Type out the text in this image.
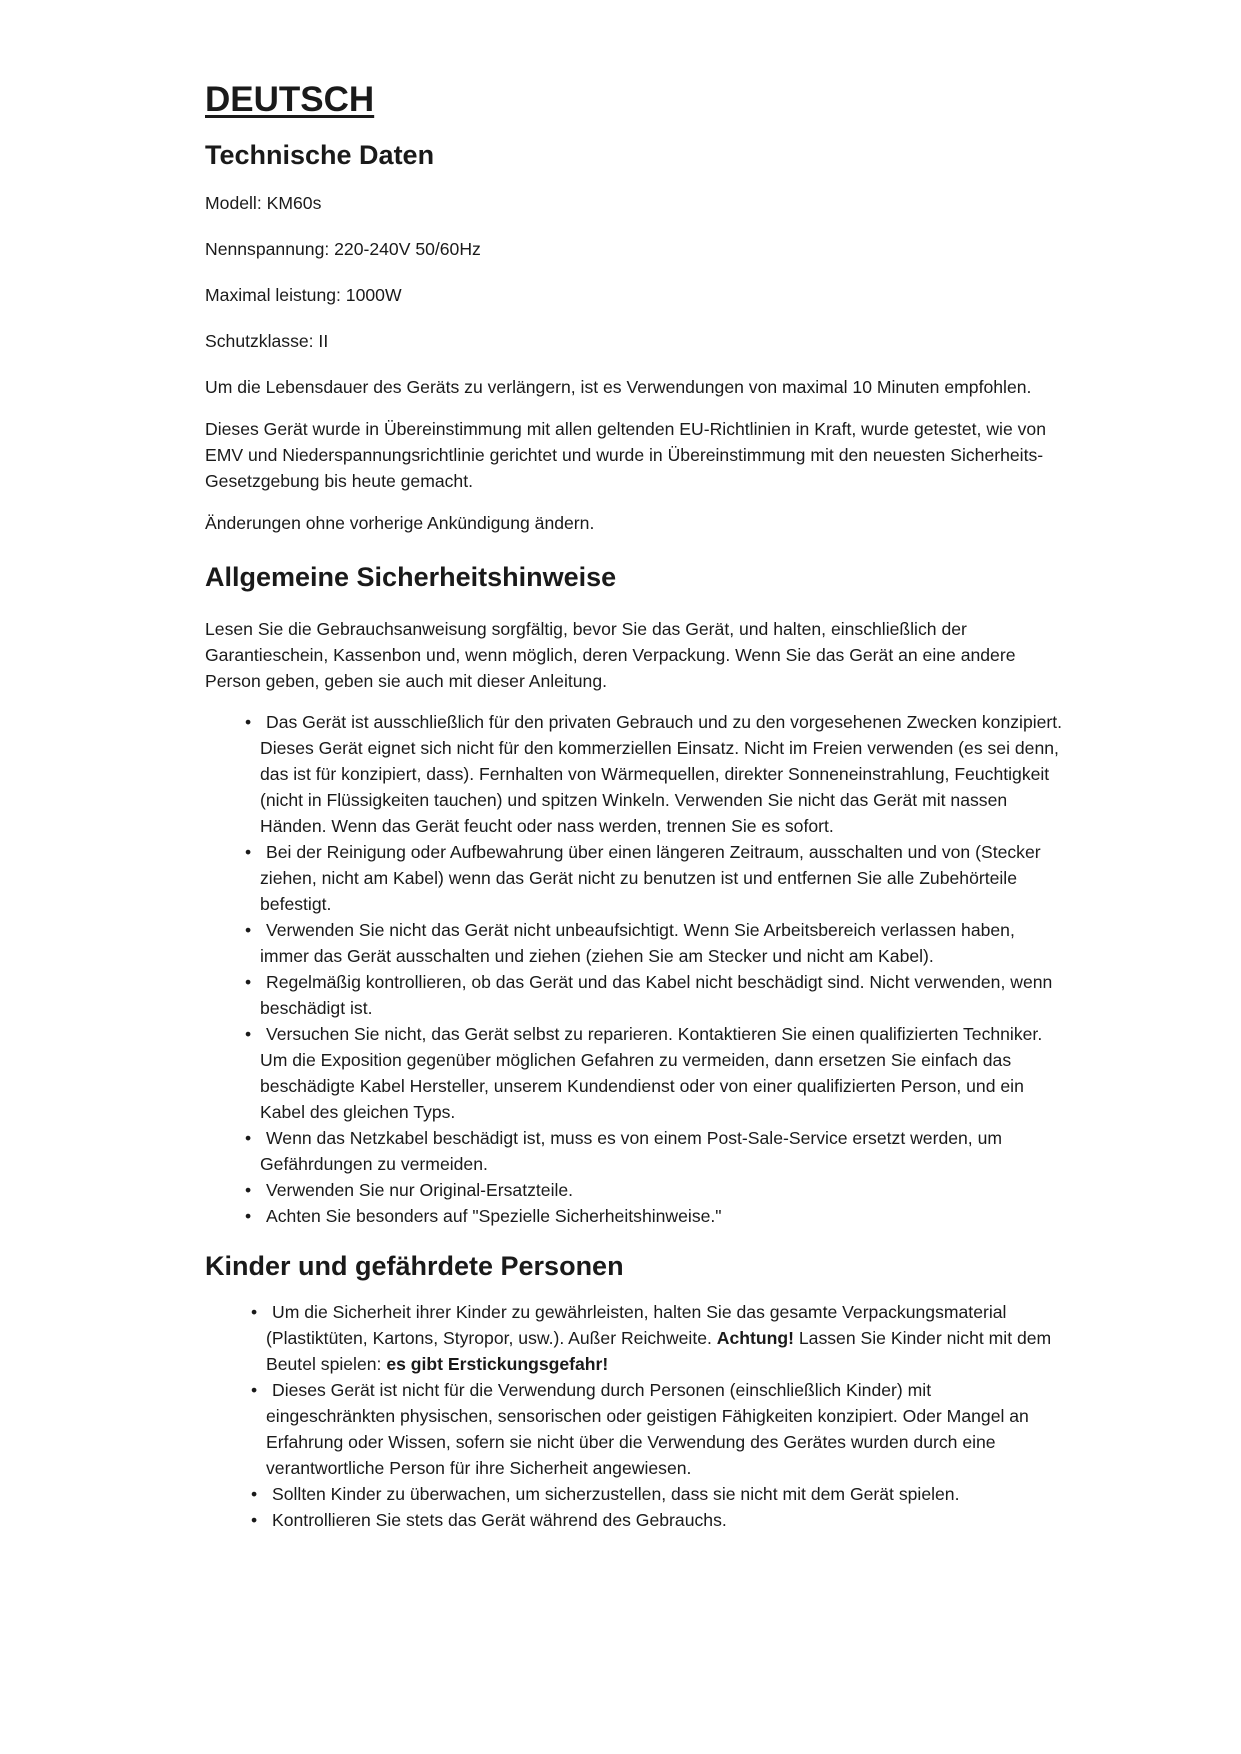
DEUTSCH
Technische Daten

Modell: KM60s

Nennspannung: 220-240V 50/60Hz

Maximal leistung: 1000W

Schutzklasse: II

Um die Lebensdauer des Geräts zu verlängern, ist es Verwendungen von maximal 10 Minuten empfohlen.

Dieses Gerät wurde in Übereinstimmung mit allen geltenden EU-Richtlinien in Kraft, wurde getestet, wie von EMV und Niederspannungsrichtlinie gerichtet und wurde in Übereinstimmung mit den neuesten Sicherheits-Gesetzgebung bis heute gemacht.

Änderungen ohne vorherige Ankündigung ändern.

Allgemeine Sicherheitshinweise

Lesen Sie die Gebrauchsanweisung sorgfältig, bevor Sie das Gerät, und halten, einschließlich der Garantieschein, Kassenbon und, wenn möglich, deren Verpackung. Wenn Sie das Gerät an eine andere Person geben, geben sie auch mit dieser Anleitung.

• Das Gerät ist ausschließlich für den privaten Gebrauch und zu den vorgesehenen Zwecken konzipiert. Dieses Gerät eignet sich nicht für den kommerziellen Einsatz. Nicht im Freien verwenden (es sei denn, das ist für konzipiert, dass). Fernhalten von Wärmequellen, direkter Sonneneinstrahlung, Feuchtigkeit (nicht in Flüssigkeiten tauchen) und spitzen Winkeln. Verwenden Sie nicht das Gerät mit nassen Händen. Wenn das Gerät feucht oder nass werden, trennen Sie es sofort.
• Bei der Reinigung oder Aufbewahrung über einen längeren Zeitraum, ausschalten und von (Stecker ziehen, nicht am Kabel) wenn das Gerät nicht zu benutzen ist und entfernen Sie alle Zubehörteile befestigt.
• Verwenden Sie nicht das Gerät nicht unbeaufsichtigt. Wenn Sie Arbeitsbereich verlassen haben, immer das Gerät ausschalten und ziehen (ziehen Sie am Stecker und nicht am Kabel).
• Regelmäßig kontrollieren, ob das Gerät und das Kabel nicht beschädigt sind. Nicht verwenden, wenn beschädigt ist.
• Versuchen Sie nicht, das Gerät selbst zu reparieren. Kontaktieren Sie einen qualifizierten Techniker. Um die Exposition gegenüber möglichen Gefahren zu vermeiden, dann ersetzen Sie einfach das beschädigte Kabel Hersteller, unserem Kundendienst oder von einer qualifizierten Person, und ein Kabel des gleichen Typs.
• Wenn das Netzkabel beschädigt ist, muss es von einem Post-Sale-Service ersetzt werden, um Gefährdungen zu vermeiden.
• Verwenden Sie nur Original-Ersatzteile.
• Achten Sie besonders auf "Spezielle Sicherheitshinweise."
Kinder und gefährdete Personen
• Um die Sicherheit ihrer Kinder zu gewährleisten, halten Sie das gesamte Verpackungsmaterial (Plastiktüten, Kartons, Styropor, usw.). Außer Reichweite. Achtung! Lassen Sie Kinder nicht mit dem Beutel spielen: es gibt Erstickungsgefahr!
• Dieses Gerät ist nicht für die Verwendung durch Personen (einschließlich Kinder) mit eingeschränkten physischen, sensorischen oder geistigen Fähigkeiten konzipiert. Oder Mangel an Erfahrung oder Wissen, sofern sie nicht über die Verwendung des Gerätes wurden durch eine verantwortliche Person für ihre Sicherheit angewiesen.
• Sollten Kinder zu überwachen, um sicherzustellen, dass sie nicht mit dem Gerät spielen.
• Kontrollieren Sie stets das Gerät während des Gebrauchs.
